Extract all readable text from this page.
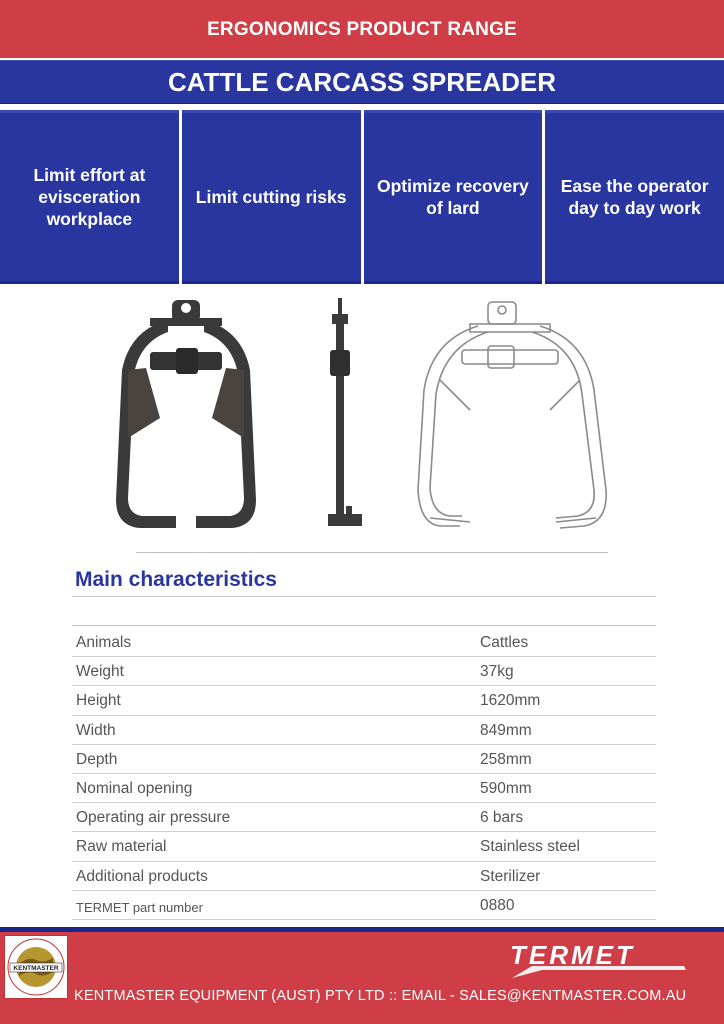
ERGONOMICS PRODUCT RANGE
CATTLE CARCASS SPREADER
Limit effort at evisceration workplace
Limit cutting risks
Optimize recovery of lard
Ease the operator day to day work
Main characteristics
Animals	Cattles
Weight	37kg
Height	1620mm
Width	849mm
Depth	258mm
Nominal opening	590mm
Operating air pressure	6 bars
Raw material	Stainless steel
Additional products	Sterilizer
TERMET part number	0880
KENTMASTER	TERMET
KENTMASTER EQUIPMENT (AUST) PTY LTD :: EMAIL - SALES@KENTMASTER.COM.AU
